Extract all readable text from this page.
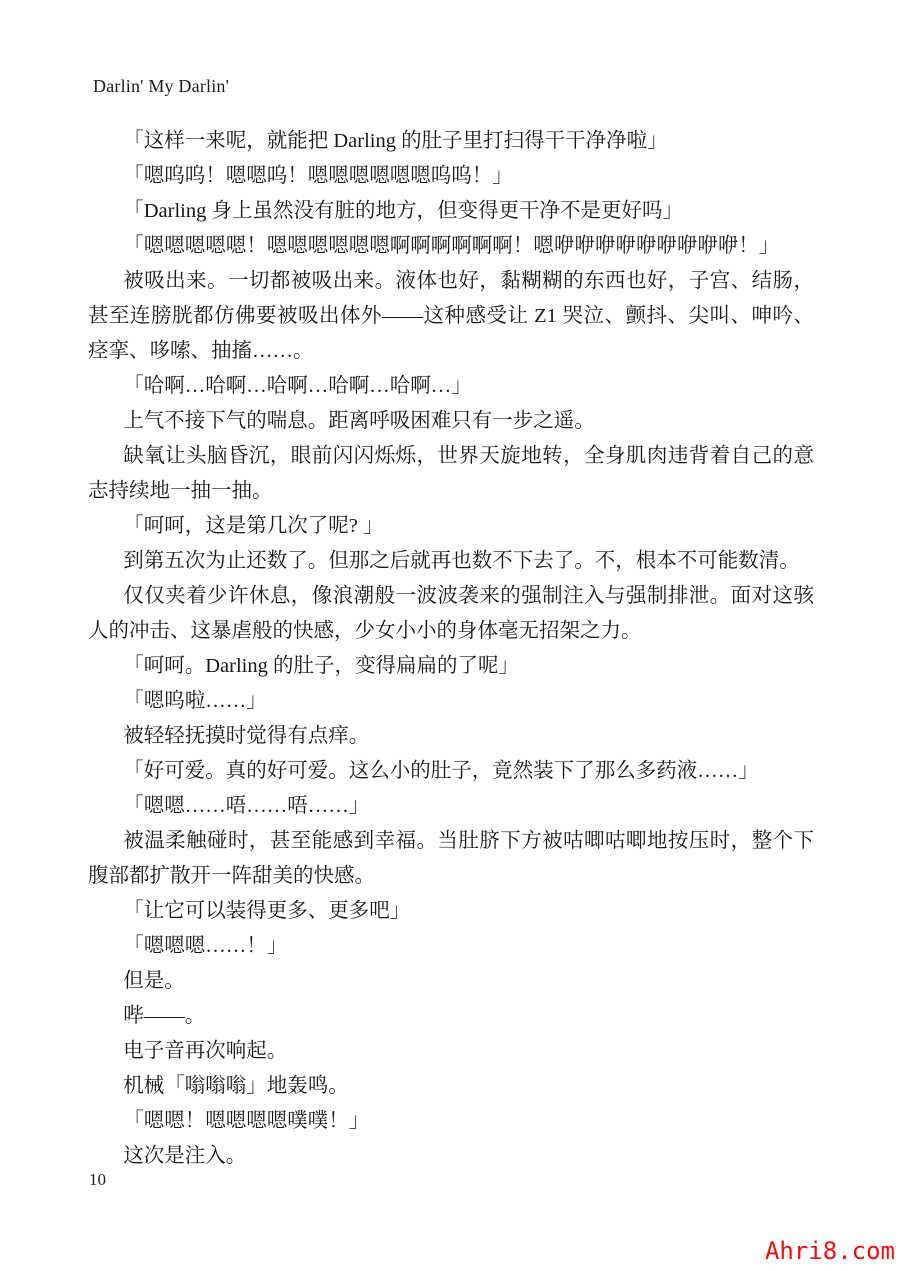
Darlin' My Darlin'

「这样一来呢，就能把 Darling 的肚子里打扫得干干净净啦」

「嗯呜呜！嗯嗯呜！嗯嗯嗯嗯嗯嗯呜呜！」

「Darling 身上虽然没有脏的地方，但变得更干净不是更好吗」

「嗯嗯嗯嗯嗯！嗯嗯嗯嗯嗯嗯啊啊啊啊啊啊！嗯咿咿咿咿咿咿咿咿咿！」

被吸出来。一切都被吸出来。液体也好，黏糊糊的东西也好，子宫、结肠，甚至连膀胱都仿佛要被吸出体外——这种感受让 Z1 哭泣、颤抖、尖叫、呻吟、痉挛、哆嗦、抽搐……。

「哈啊…哈啊…哈啊…哈啊…哈啊…」

上气不接下气的喘息。距离呼吸困难只有一步之遥。

缺氧让头脑昏沉，眼前闪闪烁烁，世界天旋地转，全身肌肉违背着自己的意志持续地一抽一抽。

「呵呵，这是第几次了呢? 」

到第五次为止还数了。但那之后就再也数不下去了。不，根本不可能数清。

仅仅夹着少许休息，像浪潮般一波波袭来的强制注入与强制排泄。面对这骇人的冲击、这暴虐般的快感，少女小小的身体毫无招架之力。

「呵呵。Darling 的肚子，变得扁扁的了呢」

「嗯呜啦……」

被轻轻抚摸时觉得有点痒。

「好可爱。真的好可爱。这么小的肚子，竟然装下了那么多药液……」

「嗯嗯……唔……唔……」

被温柔触碰时，甚至能感到幸福。当肚脐下方被咕唧咕唧地按压时，整个下腹部都扩散开一阵甜美的快感。

「让它可以装得更多、更多吧」

「嗯嗯嗯……！」

但是。

哔——。

电子音再次响起。

机械「嗡嗡嗡」地轰鸣。

「嗯嗯！嗯嗯嗯嗯噗噗！」

这次是注入。

10
Ahri8.com
